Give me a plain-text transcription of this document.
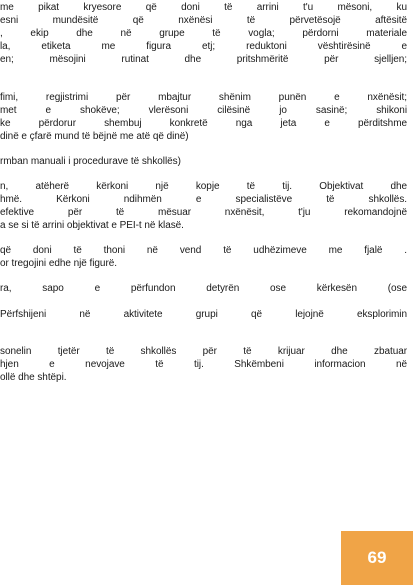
me pikat kryesore që doni të arrini t'u mësoni, ku
esni mundësitë që nxënësi të përvetësojë aftësitë
, ekip dhe në grupe të vogla; përdorni materiale
la, etiketa me figura etj; reduktoni vështirësinë e
en; mësojini rutinat dhe pritshmëritë për sjelljen;
fimi, regjistrimi për mbajtur shënim punën e nxënësit;
met e shokëve; vlerësoni cilësinë jo sasinë; shikoni
ke përdorur shembuj konkretë nga jeta e përditshme
dinë e çfarë mund të bëjnë me atë që dinë)
rmban manuali i procedurave të shkollës)
n, atëherë kërkoni një kopje të tij. Objektivat dhe
hmë. Kërkoni ndihmën e specialistëve të shkollës.
efektive për të mësuar nxënësit, t'ju rekomandojnë
a se si të arrini objektivat e PEI-t në klasë.
që doni të thoni në vend të udhëzimeve me fjalë .
or tregojini edhe një figurë.
ra, sapo e përfundon detyrën ose kërkesën (ose
Përfshijeni në aktivitete grupi që lejojnë eksplorimin
sonelin tjetër të shkollës për të krijuar dhe zbatuar
hjen e nevojave të tij. Shkëmbeni informacion në
ollë dhe shtëpi.
69
